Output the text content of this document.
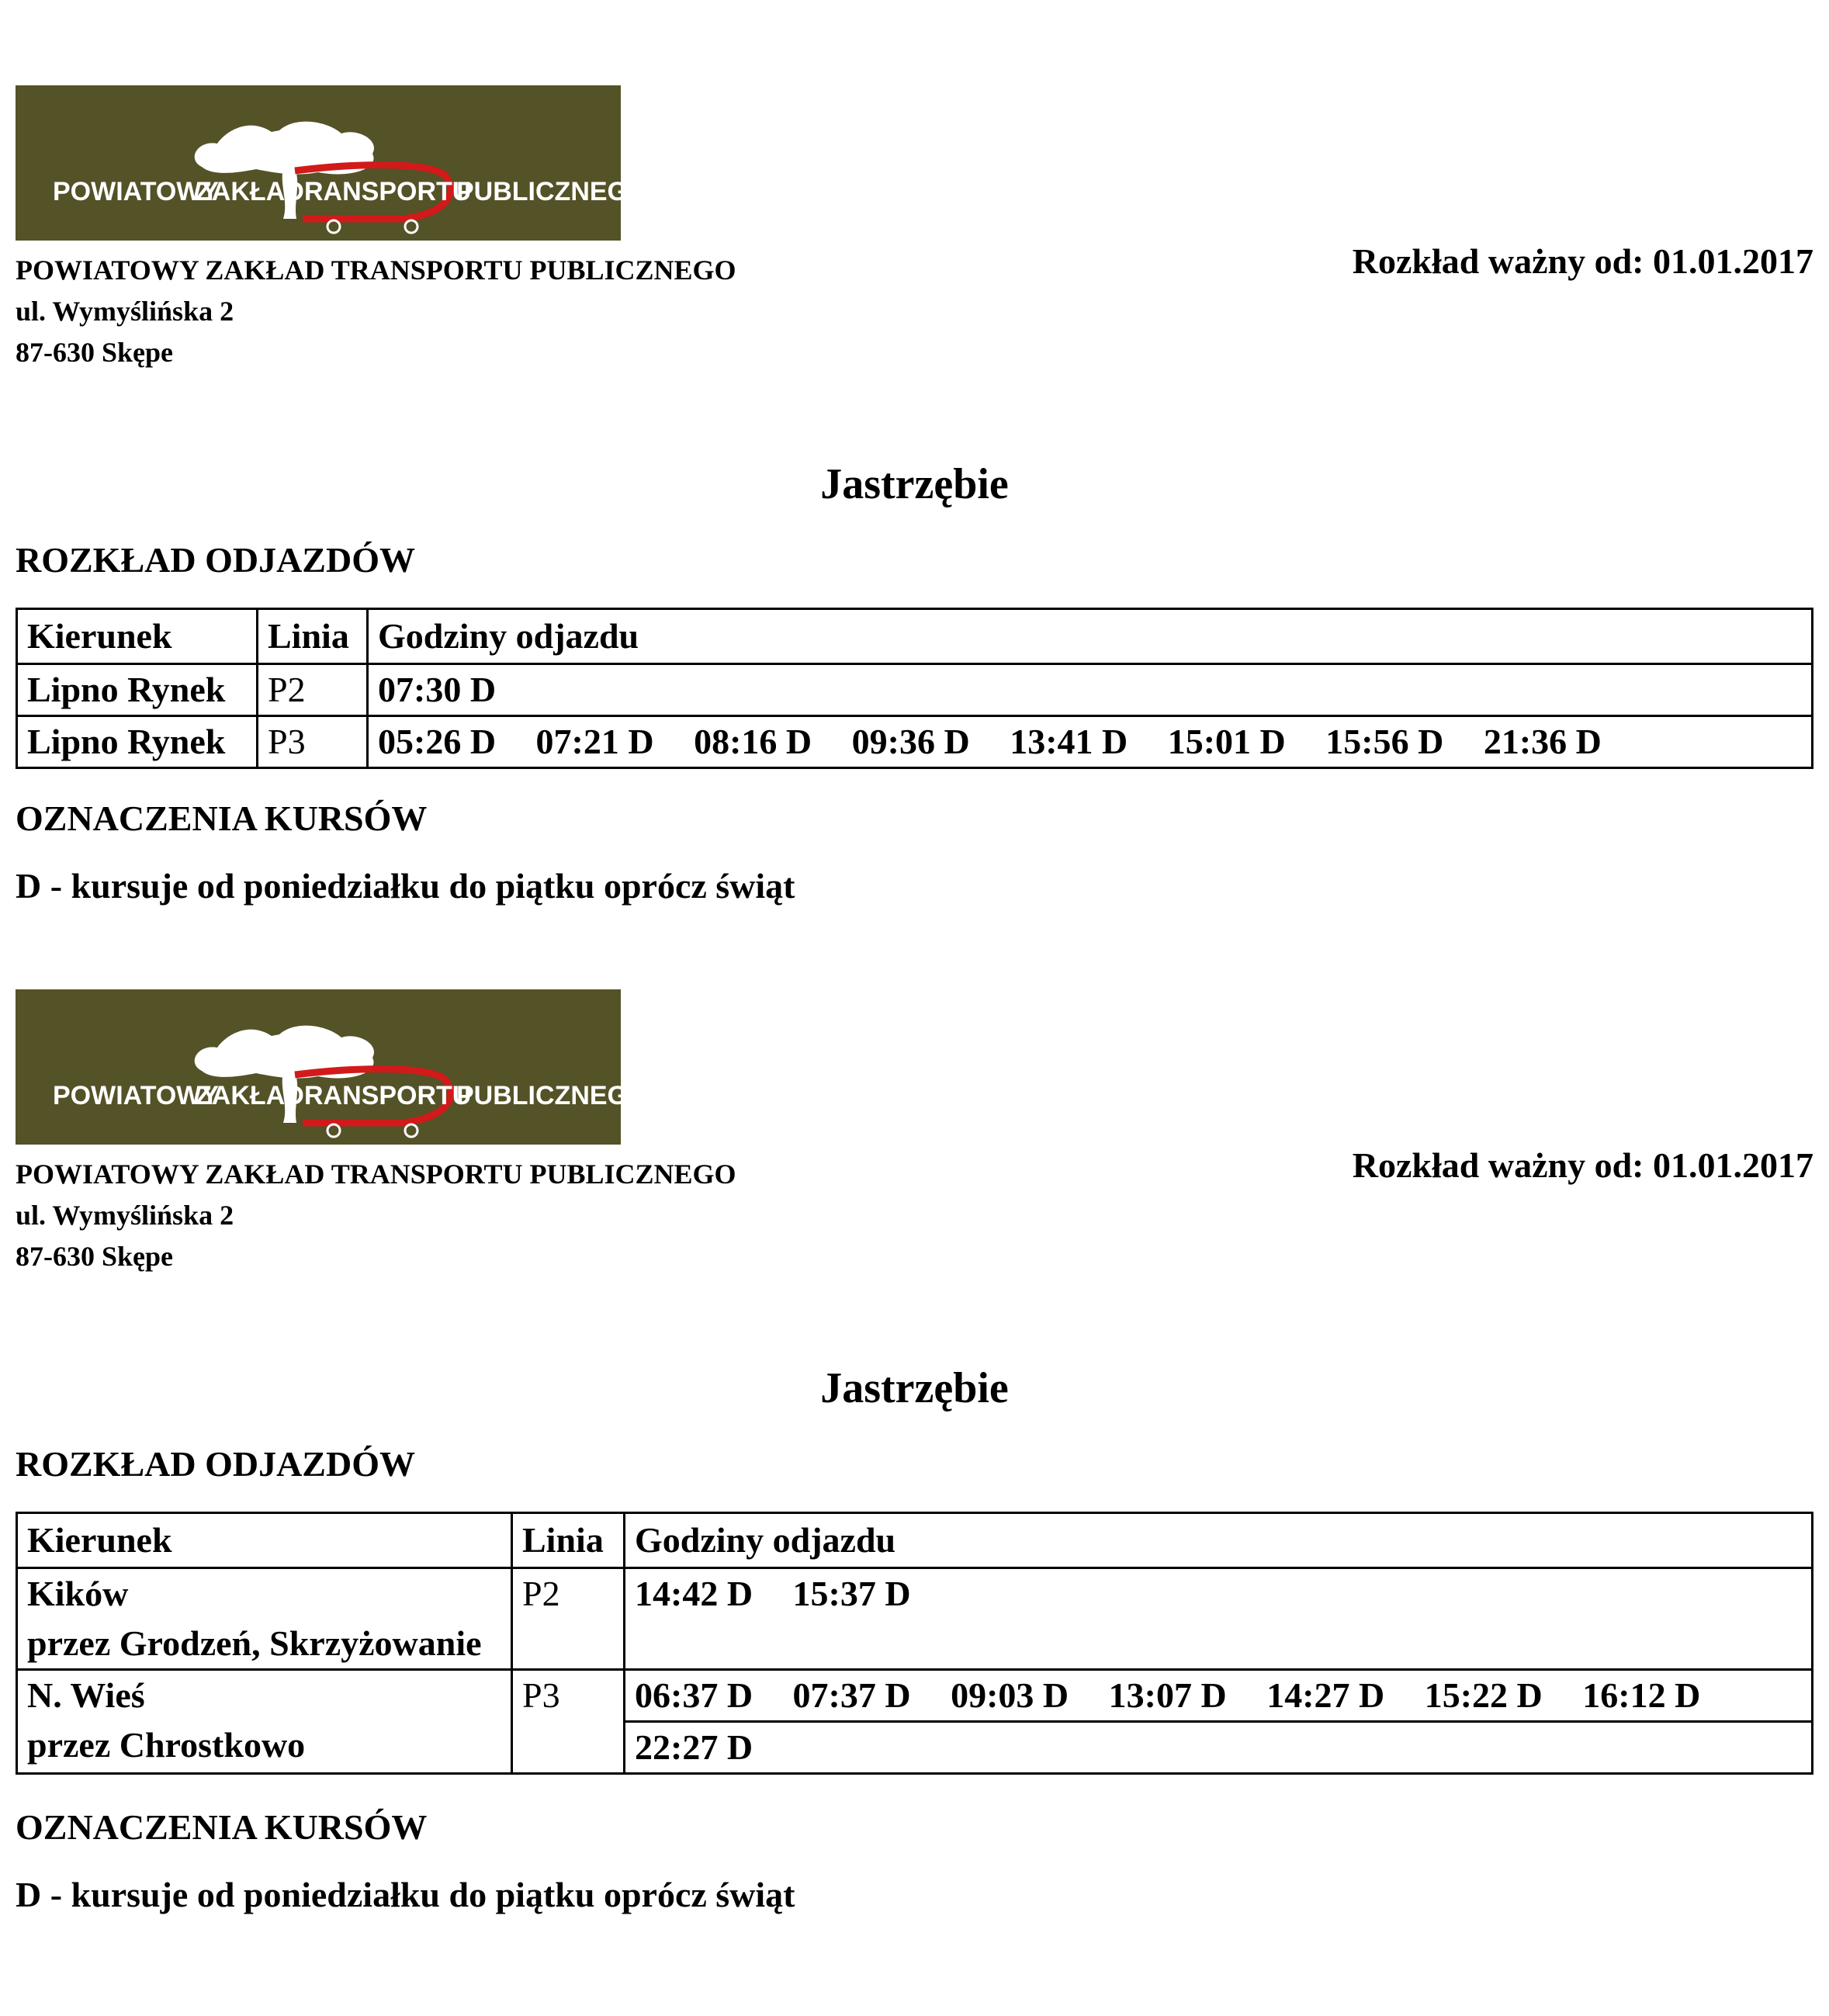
POWIATOWY
ZAKŁAD RANSPORTU
PUBLICZNEGO
POWIATOWY ZAKŁAD TRANSPORTU PUBLICZNEGO
ul. Wymyślińska 2
87-630 Skępe
Rozkład ważny od: 01.01.2017
Jastrzębie
ROZKŁAD ODJAZDÓW
Kierunek	Linia	Godziny odjazdu
Lipno Rynek	P2	07:30 D
Lipno Rynek	P3	05:26 D 07:21 D 08:16 D 09:36 D 13:41 D 15:01 D 15:56 D 21:36 D
OZNACZENIA KURSÓW
D - kursuje od poniedziałku do piątku oprócz świąt
POWIATOWY
ZAKŁAD RANSPORTU
PUBLICZNEGO
POWIATOWY ZAKŁAD TRANSPORTU PUBLICZNEGO
ul. Wymyślińska 2
87-630 Skępe
Rozkład ważny od: 01.01.2017
Jastrzębie
ROZKŁAD ODJAZDÓW
Kierunek	Linia	Godziny odjazdu

Kików
przez Grodzeń, Skrzyżowanie	P2	14:42 D 15:37 D

N. Wieś
przez Chrostkowo	P3	06:37 D 07:37 D 09:03 D 13:07 D 14:27 D 15:22 D 16:12 D
		22:27 D
OZNACZENIA KURSÓW
D - kursuje od poniedziałku do piątku oprócz świąt
